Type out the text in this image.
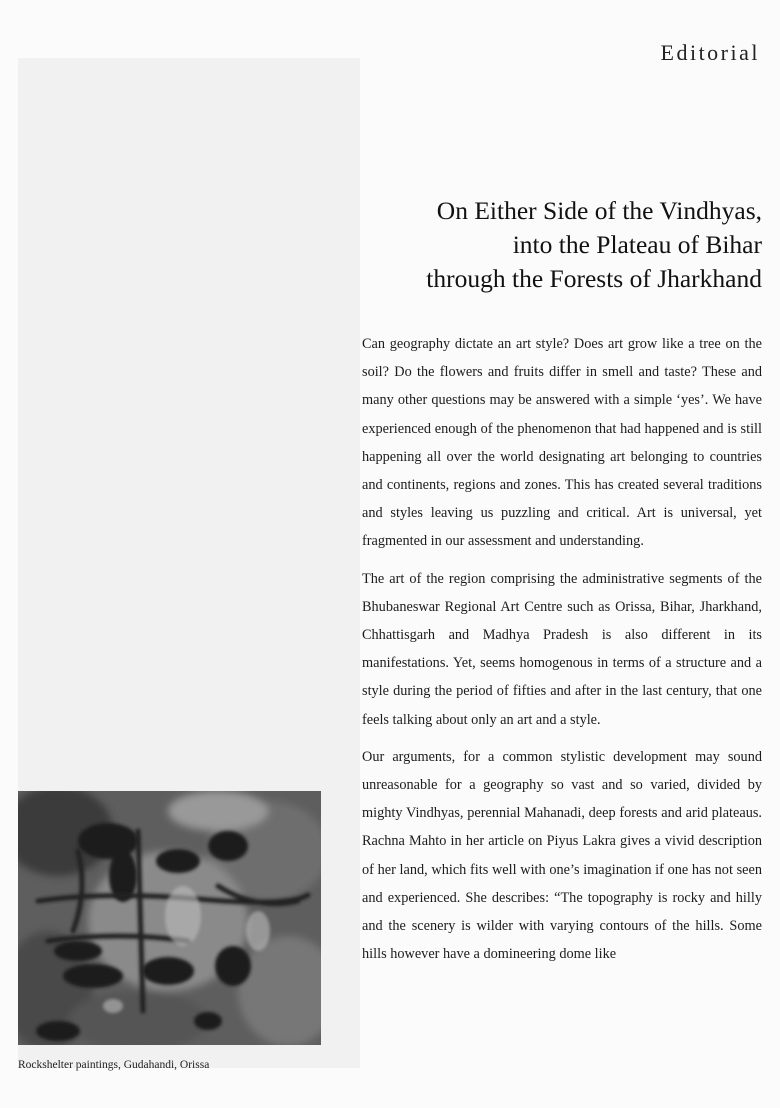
Editorial
On Either Side of the Vindhyas,
into the Plateau of Bihar
through the Forests of Jharkhand

Can geography dictate an art style? Does art grow like a tree on the soil? Do the flowers and fruits differ in smell and taste? These and many other questions may be answered with a simple ‘yes’. We have experienced enough of the phenomenon that had happened and is still happening all over the world designating art belonging to countries and continents, regions and zones. This has created several traditions and styles leaving us puzzling and critical. Art is universal, yet fragmented in our assessment and understanding.

The art of the region comprising the administrative segments of the Bhubaneswar Regional Art Centre such as Orissa, Bihar, Jharkhand, Chhattisgarh and Madhya Pradesh is also different in its manifestations. Yet, seems homogenous in terms of a structure and a style during the period of fifties and after in the last century, that one feels talking about only an art and a style.

Our arguments, for a common stylistic development may sound unreasonable for a geography so vast and so varied, divided by mighty Vindhyas, perennial Mahanadi, deep forests and arid plateaus. Rachna Mahto in her article on Piyus Lakra gives a vivid description of her land, which fits well with one’s imagination if one has not seen and experienced. She describes: “The topography is rocky and hilly and the scenery is wilder with varying contours of the hills. Some hills however have a domineering dome like

Rockshelter paintings, Gudahandi, Orissa
